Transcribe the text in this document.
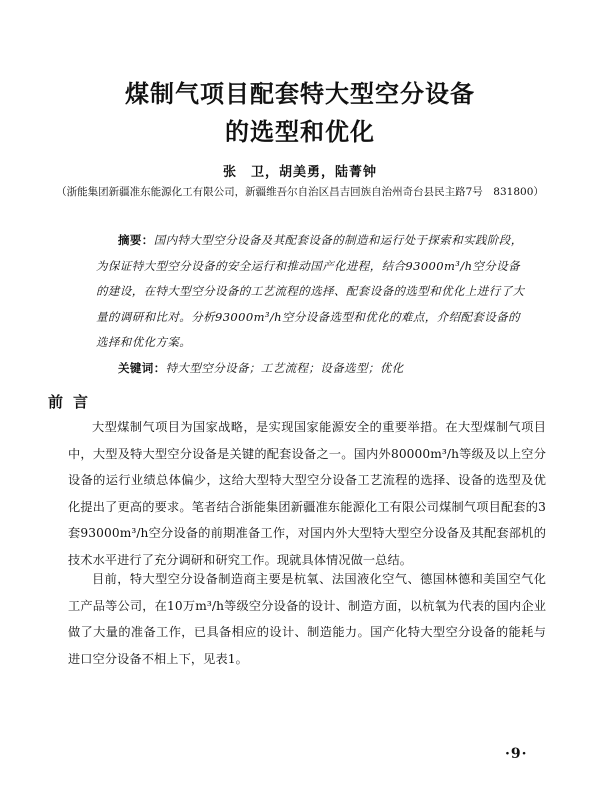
煤制气项目配套特大型空分设备
的选型和优化
张　卫，胡美勇，陆菁钟
（浙能集团新疆准东能源化工有限公司，新疆维吾尔自治区昌吉回族自治州奇台县民主路7号　831800）
摘要：国内特大型空分设备及其配套设备的制造和运行处于探索和实践阶段，为保证特大型空分设备的安全运行和推动国产化进程，结合93000m³/h空分设备的建设，在特大型空分设备的工艺流程的选择、配套设备的选型和优化上进行了大量的调研和比对。分析93000m³/h空分设备选型和优化的难点，介绍配套设备的选择和优化方案。
关键词：特大型空分设备；工艺流程；设备选型；优化
前言

大型煤制气项目为国家战略，是实现国家能源安全的重要举措。在大型煤制气项目中，大型及特大型空分设备是关键的配套设备之一。国内外80000m³/h等级及以上空分设备的运行业绩总体偏少，这给大型特大型空分设备工艺流程的选择、设备的选型及优化提出了更高的要求。笔者结合浙能集团新疆准东能源化工有限公司煤制气项目配套的3套93000m³/h空分设备的前期准备工作，对国内外大型特大型空分设备及其配套部机的技术水平进行了充分调研和研究工作。现就具体情况做一总结。

目前，特大型空分设备制造商主要是杭氧、法国液化空气、德国林德和美国空气化工产品等公司，在10万m³/h等级空分设备的设计、制造方面，以杭氧为代表的国内企业做了大量的准备工作，已具备相应的设计、制造能力。国产化特大型空分设备的能耗与进口空分设备不相上下，见表1。

·9·
